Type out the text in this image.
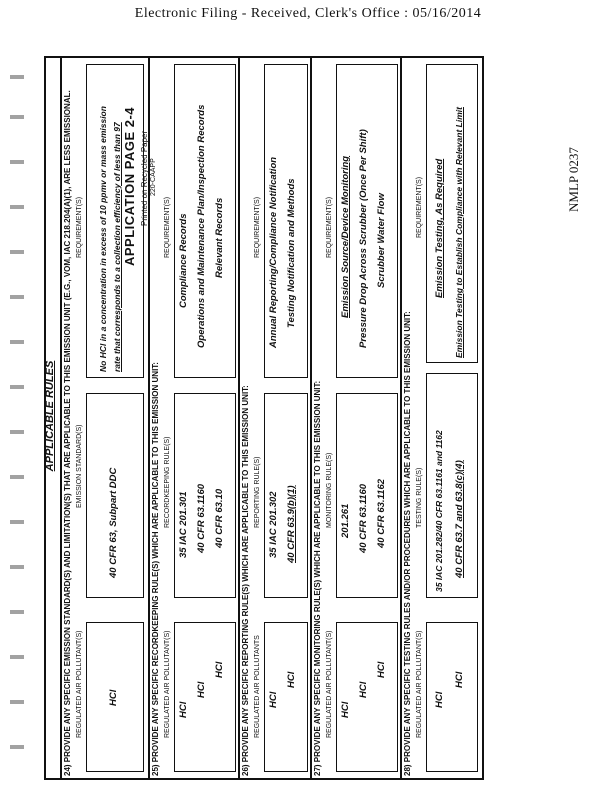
Electronic Filing - Received, Clerk's Office : 05/16/2014
APPLICABLE RULES 24) PROVIDE ANY SPECIFIC EMISSION STANDARD(S) AND LIMITATION(S) THAT ARE APPLICABLE TO THIS EMISSION UNIT (E.G., VOM, IAC 218.204(A)(1), ARE LESS EMISSIONAL. REGULATED AIR POLLUTANT(S)
EMISSION STANDARD(S)
REQUIREMENT(S)
HCl
40 CFR 63, Subpart DDC
No HCl in a concentration in excess of 10 ppmv or mass emission rate that corresponds to a collection efficiency of less than 97
25) PROVIDE ANY SPECIFIC RECORDKEEPING RULE(S) WHICH ARE APPLICABLE TO THIS EMISSION UNIT: REGULATED AIR POLLUTANT(S)
RECORDKEEPING RULE(S)
REQUIREMENT(S)
HCl
HCl
HCl
35 IAC 201.301 40 CFR 63.1160 40 CFR 63.10
Compliance Records Operations and Maintenance Plan/Inspection Records Relevant Records
26) PROVIDE ANY SPECIFIC REPORTING RULE(S) WHICH ARE APPLICABLE TO THIS EMISSION UNIT: REGULATED AIR POLLUTANTS
REPORTING RULE(S)
REQUIREMENT(S)
HCl
HCl
35 IAC 201.302 40 CFR 63.9(b)(1)
Annual Reporting/Compliance Notification Testing Notification and Methods
27) PROVIDE ANY SPECIFIC MONITORING RULE(S) WHICH ARE APPLICABLE TO THIS EMISSION UNIT: REGULATED AIR POLLUTANT(S)
MONITORING RULE(S)
REQUIREMENT(S)
HCl
HCl
HCl
201.261 40 CFR 63.1160 40 CFR 63.1162
Emission Source/Device Monitoring Pressure Drop Across Scrubber (Once Per Shift) Scrubber Water Flow
28) PROVIDE ANY SPECIFIC TESTING RULES AND/OR PROCEDURES WHICH ARE APPLICABLE TO THIS EMISSION UNIT: REGULATED AIR POLLUTANT(S)
TESTING RULE(S)
REQUIREMENT(S)
HCl
HCl
35 IAC 201.282/40 CFR 63.1161 and 1162 40 CFR 63.7 and 63.8(c)(4)
Emission Testing, As Required Emission Testing to Establish Compliance with Relevant Limit
APPLICATION PAGE 2-4 Printed on Recycled Paper 220-CAAPP	NMLP 0237
